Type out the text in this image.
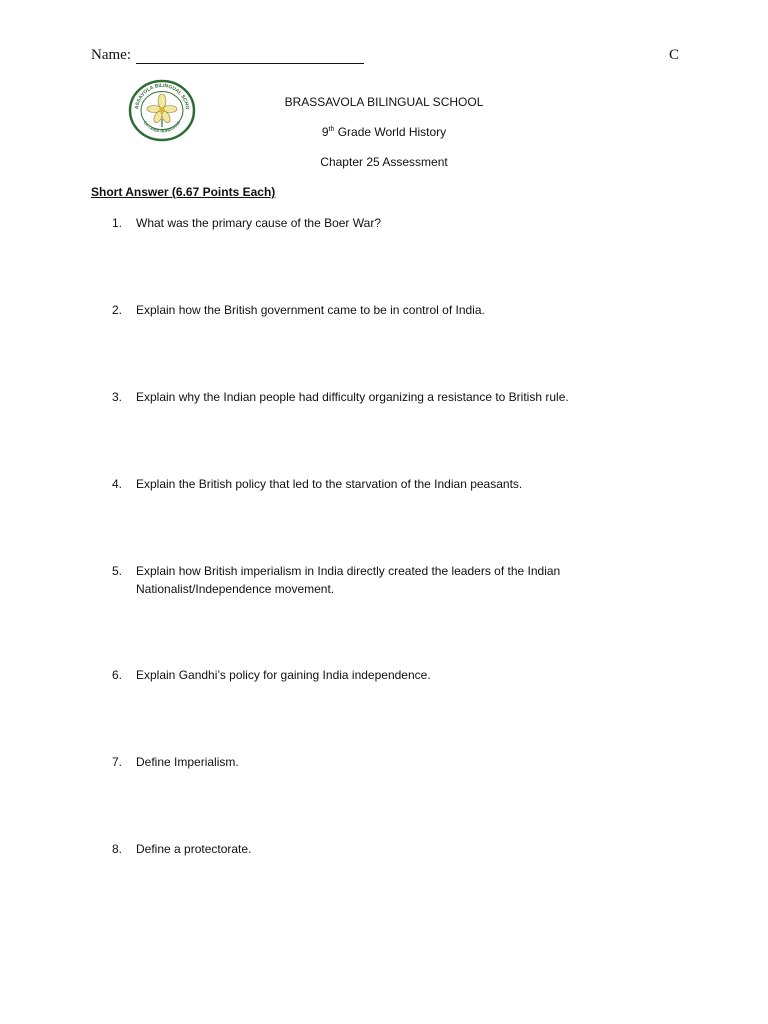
Name:	C
ASSAVOLA BILINGUAL SCHO
LA CEIBA HONDURAS
BRASSAVOLA BILINGUAL SCHOOL
9th Grade World History
Chapter 25 Assessment
Short Answer (6.67 Points Each)
1.	What was the primary cause of the Boer War?
2.	Explain how the British government came to be in control of India.
3.	Explain why the Indian people had difficulty organizing a resistance to British rule.
4.	Explain the British policy that led to the starvation of the Indian peasants.
5.	Explain how British imperialism in India directly created the leaders of the Indian Nationalist/Independence movement.
6.	Explain Gandhi’s policy for gaining India independence.
7.	Define Imperialism.
8.	Define a protectorate.
